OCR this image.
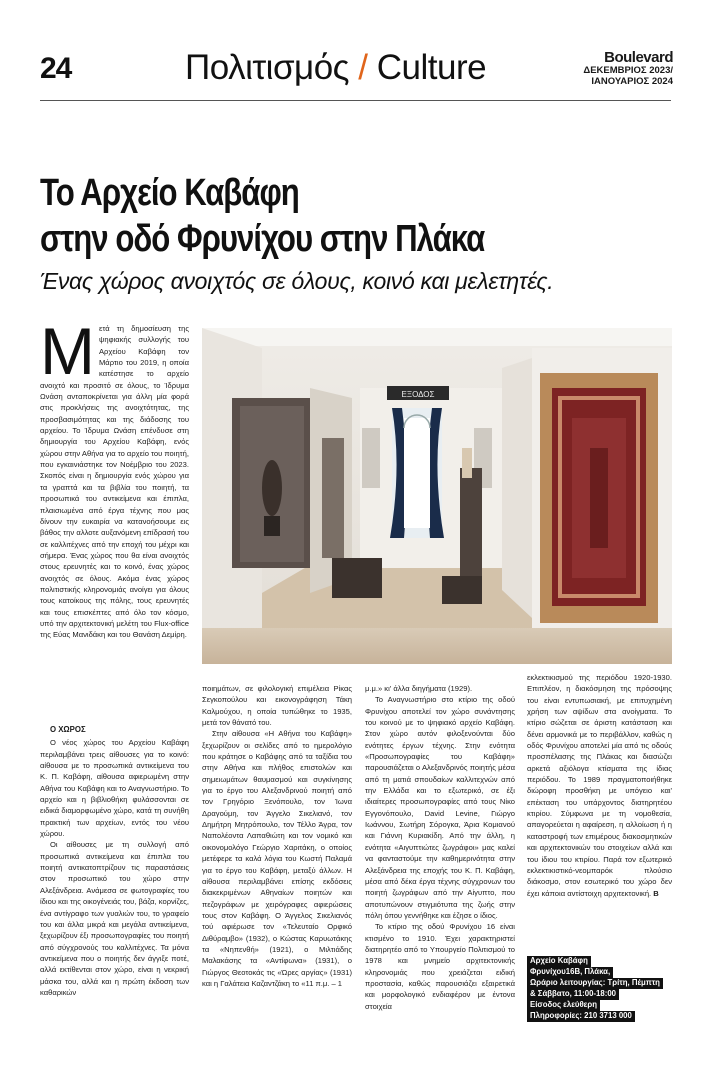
24	Πολιτισμός / Culture	Boulevard
ΔΕΚΕΜΒΡΙΟΣ 2023/
ΙΑΝΟΥΑΡΙΟΣ 2024
Το Αρχείο Καβάφη
στην οδό Φρυνίχου στην Πλάκα
Ένας χώρος ανοιχτός σε όλους, κοινό και μελετητές.
ΕΞΟΔΟΣ
Μ ετά τη δημοσίευση της ψηφιακής συλλογής του Αρχείου Καβάφη τον Μάρτιο του 2019, η οποία κατέστησε το αρχείο ανοιχτό και προσιτό σε όλους, το Ίδρυμα Ωνάση ανταποκρίνεται για άλλη μία φορά στις προκλήσεις της ανοιχτότητας, της προσβασιμότητας και της διάδοσης του αρχείου. Το Ίδρυμα Ωνάση επένδυσε στη δημιουργία του Αρχείου Καβάφη, ενός χώρου στην Αθήνα για το αρχείο του ποιητή, που εγκαινιάστηκε τον Νοέμβριο του 2023. Σκοπός είναι η δημιουργία ενός χώρου για τα γραπτά και τα βιβλία του ποιητή, τα προσωπικά του αντικείμενα και έπιπλα, πλαισιωμένα από έργα τέχνης που μας δίνουν την ευκαιρία να κατανοήσουμε εις βάθος την αλλοτε αυξανόμενη επίδρασή του σε καλλιτέχνες από την εποχή του μέχρι και σήμερα. Ένας χώρος που θα είναι ανοιχτός στους ερευνητές και το κοινό, ένας χώρος ανοιχτός σε όλους. Ακόμα ένας χώρος πολιτιστικής κληρονομιάς ανοίγει για όλους τους κατοίκους της πόλης, τους ερευνητές και τους επισκέπτες από όλο τον κόσμο, υπό την αρχιτεκτονική μελέτη του Flux-office της Εύας Μανιδάκη και του Θανάση Δεμίρη.

Ο ΧΩΡΟΣ

Ο νέος χώρος του Αρχείου Καβάφη περιλαμβάνει τρεις αίθουσες για το κοινό: αίθουσα με το προσωπικά αντικείμενα του Κ. Π. Καβάφη, αίθουσα αφιερωμένη στην Αθήνα του Καβάφη και το Αναγνωστήριο. Το αρχείο και η βιβλιοθήκη φυλάσσονται σε ειδικά διαμορφωμένο χώρο, κατά τη συνήθη πρακτική των αρχείων, εντός του νέου χώρου.

Οι αίθουσες με τη συλλογή από προσωπικά αντικείμενα και έπιπλα του ποιητή αντικατοπτρίζουν τις παραστάσεις στον προσωπικό του χώρο στην Αλεξάνδρεια. Ανάμεσα σε φωτογραφίες του ίδιου και της οικογένειάς του, βάζα, κορνίζες, ένα αντίγραφο των γυαλιών του, το γραφείο του και άλλα μικρά και μεγάλα αντικείμενα, ξεχωρίζουν έξι προσωπογραφίες του ποιητή από σύγχρονούς του καλλιτέχνες. Τα μόνα αντικείμενα που ο ποιητής δεν άγγιξε ποτέ, αλλά εκτίθενται στον χώρο, είναι η νεκρική μάσκα του, αλλά και η πρώτη έκδοση των καθαρικών

ποιημάτων, σε φιλολογική επιμέλεια Ρίκας Σεγκοπούλου και εικονογράφηση Τάκη Καλμούχου, η οποία τυπώθηκε το 1935, μετά τον θάνατό του.

Στην αίθουσα «Η Αθήνα του Καβάφη» ξεχωρίζουν οι σελίδες από το ημερολόγιο που κράτησε ο Καβάφης από τα ταξίδια του στην Αθήνα και πλήθος επιστολών και σημειωμάτων θαυμασμού και συγκίνησης για το έργο του Αλεξανδρινού ποιητή από τον Γρηγόριο Ξενόπουλο, τον Ίωνα Δραγούμη, τον Άγγελο Σικελιανό, τον Δημήτρη Μητρόπουλο, τον Τέλλο Άγρα, τον Ναπολέοντα Λαπαθιώτη και τον νομικό και οικονομολόγο Γεώργιο Χαριτάκη, ο οποίος μετέφερε τα καλά λόγια του Κωστή Παλαμά για το έργο του Καβάφη, μεταξύ άλλων. Η αίθουσα περιλαμβάνει επίσης εκδόσεις διακεκριμένων Αθηναίων ποιητών και πεζογράφων με χειρόγραφες αφιερώσεις τους στον Καβάφη. Ο Άγγελος Σικελιανός τού αφιέρωσε τον «Τελευταίο Ορφικό Διθύραμβο» (1932), ο Κώστας Καρυωτάκης τα «Νηπενθή» (1921), ο Μιλτιάδης Μαλακάσης τα «Αντίφωνα» (1931), ο Γιώργος Θεοτοκάς τις «Ώρες αργίας» (1931) και η Γαλάτεια Καζαντζάκη το «11 π.μ. – 1

μ.μ.» κι' άλλα διηγήματα (1929).

Το Αναγνωστήριο στο κτίριο της οδού Φρυνίχου αποτελεί τον χώρο συνάντησης του κοινού με το ψηφιακό αρχείο Καβάφη. Στον χώρο αυτόν φιλοξενούνται δύο ενότητες έργων τέχνης. Στην ενότητα «Προσωπογραφίες του Καβάφη» παρουσιάζεται ο Αλεξανδρινός ποιητής μέσα από τη ματιά σπουδαίων καλλιτεχνών από την Ελλάδα και το εξωτερικό, σε έξι ιδιαίτερες προσωπογραφίες από τους Νίκο Εγγονόπουλο, David Levine, Γιώργο Ιωάννου, Σωτήρη Σόρογκα, Άρια Κομιανού και Γιάννη Κυριακίδη. Από την άλλη, η ενότητα «Αιγυπτιώτες ζωγράφοι» μας καλεί να φανταστούμε την καθημερινότητα στην Αλεξάνδρεια της εποχής του Κ. Π. Καβάφη, μέσα από δέκα έργα τέχνης σύγχρονων του ποιητή ζωγράφων από την Αίγυπτο, που αποτυπώνουν στιγμιότυπα της ζωής στην πόλη όπου γεννήθηκε και έζησε ο ίδιος.

Το κτίριο της οδού Φρυνίχου 16 είναι κτισμένο το 1910. Έχει χαρακτηριστεί διατηρητέο από το Υπουργείο Πολιτισμού το 1978 και μνημείο αρχιτεκτονικής κληρονομιάς που χρειάζεται ειδική προστασία, καθώς παρουσιάζει εξαιρετικά και μορφολογικό ενδιαφέρον με έντονα στοιχεία

εκλεκτικισμού της περιόδου 1920-1930. Επιπλέον, η διακόσμηση της πρόσοψης του είναι εντυπωσιακή, με επιτυχημένη χρήση των αψίδων στα ανοίγματα. Το κτίριο σώζεται σε άριστη κατάσταση και δένει αρμονικά με το περιβάλλον, καθώς η οδός Φρυνίχου αποτελεί μία από τις οδούς προσπέλασης της Πλάκας και διασώζει αρκετά αξιόλογα κτίσματα της ίδιας περιόδου. Το 1989 πραγματοποιήθηκε διώροφη προσθήκη με υπόγειο και' επέκταση του υπάρχοντος διατηρητέου κτιρίου. Σύμφωνα με τη νομοθεσία, απαγορεύεται η αφαίρεση, η αλλοίωση ή η καταστροφή των επιμέρους διακοσμητικών και αρχιτεκτονικών του στοιχείων αλλά και του ίδιου του κτιρίου. Παρά τον εξωτερικό εκλεκτικιστικό-νεομπαρόκ πλούσιο διάκοσμο, στον εσωτερικό του χώρο δεν έχει κάποια αντίστοιχη αρχιτεκτονική. Β

Αρχείο Καβάφη
Φρυνίχου16Β, Πλάκα,
Ωράριο λειτουργίας: Τρίτη, Πέμπτη
& Σάββατο, 11:00-18:00
Είσοδος ελεύθερη
Πληροφορίες: 210 3713 000
